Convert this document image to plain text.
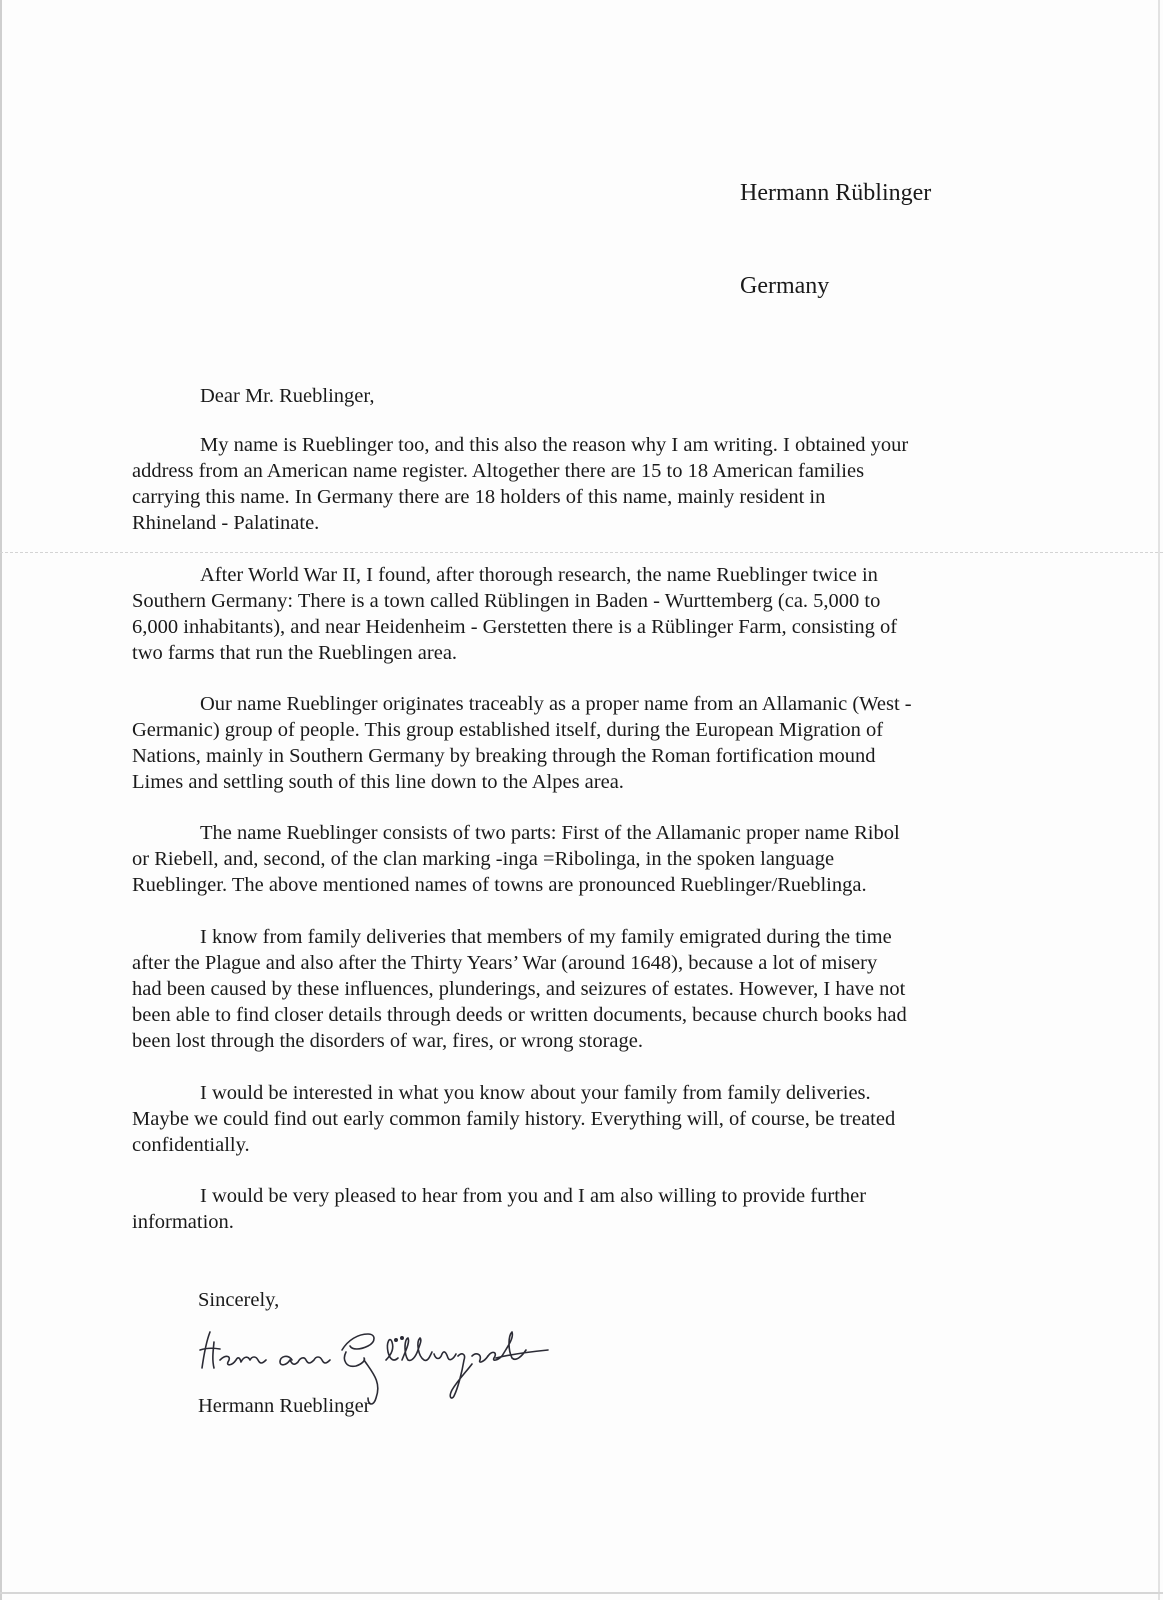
Hermann Rüblinger
Germany
Dear Mr. Rueblinger,
My name is Rueblinger too, and this also the reason why I am writing. I obtained your
address from an American name register. Altogether there are 15 to 18 American families
carrying this name. In Germany there are 18 holders of this name, mainly resident in
Rhineland - Palatinate.
After World War II, I found, after thorough research, the name Rueblinger twice in
Southern Germany: There is a town called Rüblingen in Baden - Wurttemberg (ca. 5,000 to
6,000 inhabitants), and near Heidenheim - Gerstetten there is a Rüblinger Farm, consisting of
two farms that run the Rueblingen area.
Our name Rueblinger originates traceably as a proper name from an Allamanic (West -
Germanic) group of people. This group established itself, during the European Migration of
Nations, mainly in Southern Germany by breaking through the Roman fortification mound
Limes and settling south of this line down to the Alpes area.
The name Rueblinger consists of two parts: First of the Allamanic proper name Ribol
or Riebell, and, second, of the clan marking -inga =Ribolinga, in the spoken language
Rueblinger. The above mentioned names of towns are pronounced Rueblinger/Rueblinga.
I know from family deliveries that members of my family emigrated during the time
after the Plague and also after the Thirty Years’ War (around 1648), because a lot of misery
had been caused by these influences, plunderings, and seizures of estates. However, I have not
been able to find closer details through deeds or written documents, because church books had
been lost through the disorders of war, fires, or wrong storage.
I would be interested in what you know about your family from family deliveries.
Maybe we could find out early common family history. Everything will, of course, be treated
confidentially.
I would be very pleased to hear from you and I am also willing to provide further
information.
Sincerely,
Hermann Rueblinger
